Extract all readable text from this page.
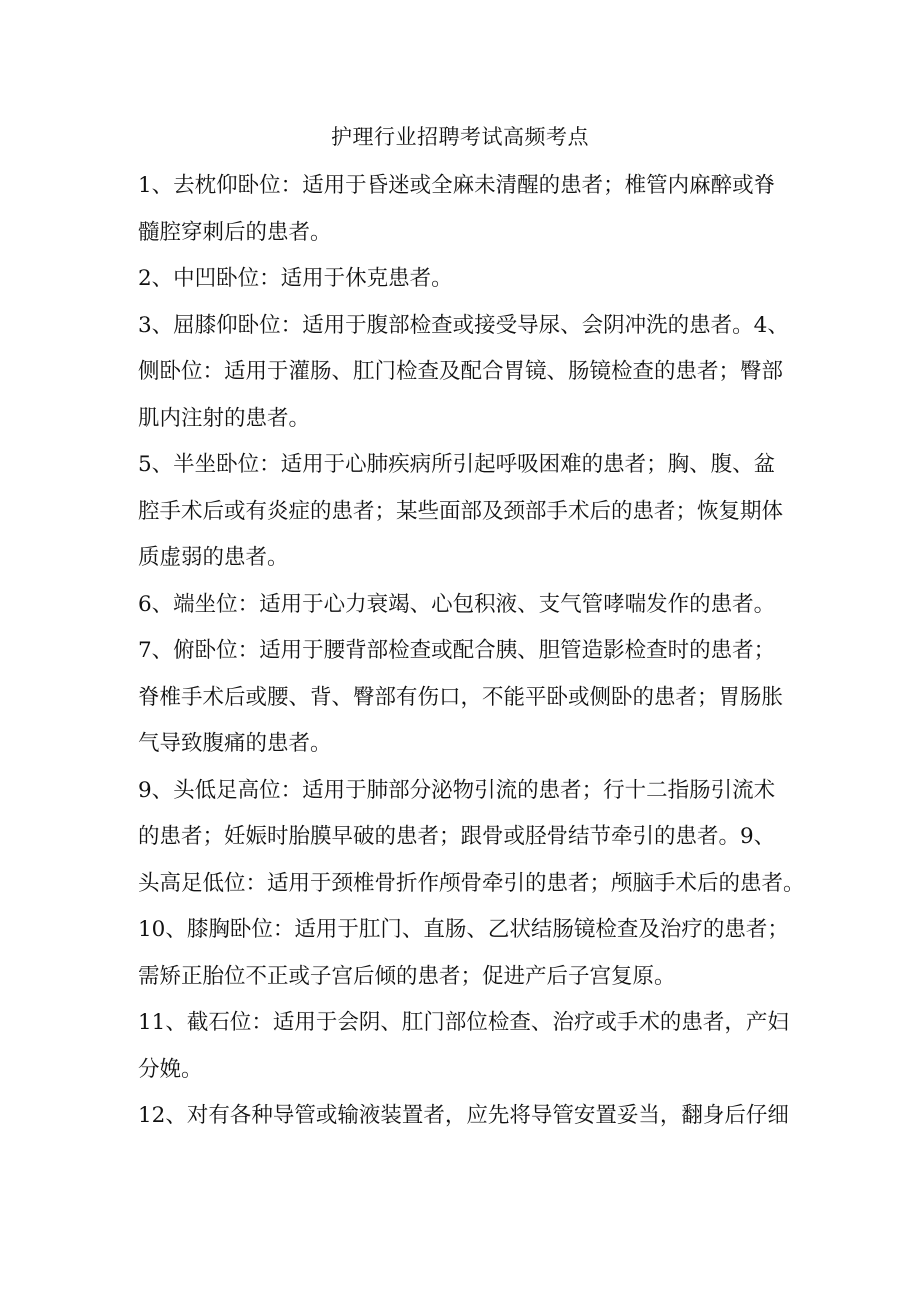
护理行业招聘考试高频考点

1、去枕仰卧位：适用于昏迷或全麻未清醒的患者；椎管内麻醉或脊

髓腔穿刺后的患者。

2、中凹卧位：适用于休克患者。

3、屈膝仰卧位：适用于腹部检查或接受导尿、会阴冲洗的患者。4、

侧卧位：适用于灌肠、肛门检查及配合胃镜、肠镜检查的患者；臀部

肌内注射的患者。

5、半坐卧位：适用于心肺疾病所引起呼吸困难的患者；胸、腹、盆

腔手术后或有炎症的患者；某些面部及颈部手术后的患者；恢复期体

质虚弱的患者。

6、端坐位：适用于心力衰竭、心包积液、支气管哮喘发作的患者。

7、俯卧位：适用于腰背部检查或配合胰、胆管造影检查时的患者；

脊椎手术后或腰、背、臀部有伤口，不能平卧或侧卧的患者；胃肠胀

气导致腹痛的患者。

9、头低足高位：适用于肺部分泌物引流的患者；行十二指肠引流术

的患者；妊娠时胎膜早破的患者；跟骨或胫骨结节牵引的患者。9、

头高足低位：适用于颈椎骨折作颅骨牵引的患者；颅脑手术后的患者。

10、膝胸卧位：适用于肛门、直肠、乙状结肠镜检查及治疗的患者；

需矫正胎位不正或子宫后倾的患者；促进产后子宫复原。

11、截石位：适用于会阴、肛门部位检查、治疗或手术的患者，产妇

分娩。

12、对有各种导管或输液装置者，应先将导管安置妥当，翻身后仔细
